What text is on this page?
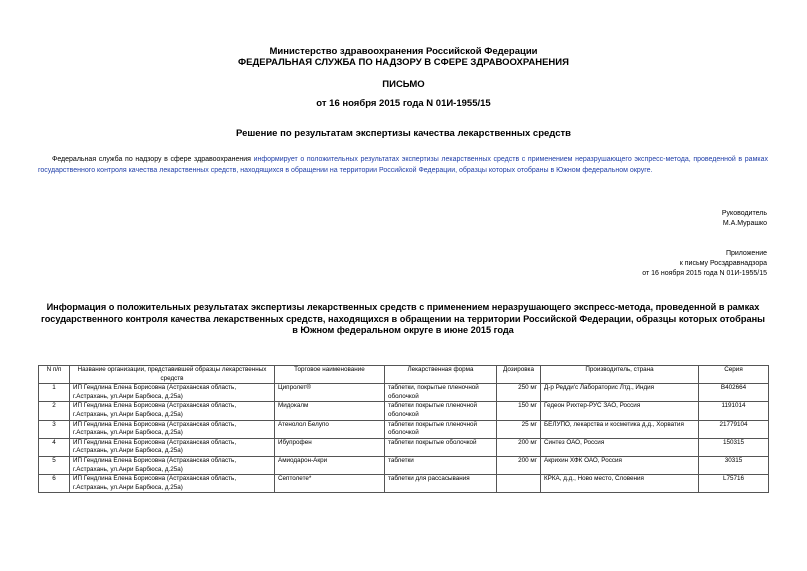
Министерство здравоохранения Российской Федерации
ФЕДЕРАЛЬНАЯ СЛУЖБА ПО НАДЗОРУ В СФЕРЕ ЗДРАВООХРАНЕНИЯ
ПИСЬМО
от 16 ноября 2015 года N 01И-1955/15
Решение по результатам экспертизы качества лекарственных средств
Федеральная служба по надзору в сфере здравоохранения информирует о положительных результатах экспертизы лекарственных средств с применением неразрушающего экспресс-метода, проведенной в рамках государственного контроля качества лекарственных средств, находящихся в обращении на территории Российской Федерации, образцы которых отобраны в Южном федеральном округе.
Руководитель
М.А.Мурашко
Приложение
к письму Росздравнадзора
от 16 ноября 2015 года N 01И-1955/15
Информация о положительных результатах экспертизы лекарственных средств с применением неразрушающего экспресс-метода, проведенной в рамках государственного контроля качества лекарственных средств, находящихся в обращении на территории Российской Федерации, образцы которых отобраны в Южном федеральном округе в июне 2015 года
N п/п	Название организации, представившей образцы лекарственных средств	Торговое наименование	Лекарственная форма	Дозировка	Производитель, страна	Серия
1	ИП Гендлина Елена Борисовна (Астраханская область, г.Астрахань, ул.Анри Барбюса, д.25а)	Ципролет®	таблетки, покрытые пленочной оболочкой	250 мг	Д-р Редди'с Лабораторис Лтд., Индия	В402664
2	ИП Гендлина Елена Борисовна (Астраханская область, г.Астрахань, ул.Анри Барбюса, д.25а)	Мидокалм	таблетки покрытые пленочной оболочкой	150 мг	Гедеон Рихтер-РУС ЗАО, Россия	1191014
3	ИП Гендлина Елена Борисовна (Астраханская область, г.Астрахань, ул.Анри Барбюса, д.25а)	Атенолол Белупо	таблетки покрытые пленочной оболочкой	25 мг	БЕЛУПО, лекарства и косметика д.д., Хорватия	21779104
4	ИП Гендлина Елена Борисовна (Астраханская область, г.Астрахань, ул.Анри Барбюса, д.25а)	Ибупрофен	таблетки покрытые оболочкой	200 мг	Синтез ОАО, Россия	150315
5	ИП Гендлина Елена Борисовна (Астраханская область, г.Астрахань, ул.Анри Барбюса, д.25а)	Амиодарон-Акри	таблетки	200 мг	Акрихин ХФК ОАО, Россия	30315
6	ИП Гендлина Елена Борисовна (Астраханская область, г.Астрахань, ул.Анри Барбюса, д.25а)	Септолете*	таблетки для рассасывания		КРКА, д.д., Ново место, Словения	L75716
